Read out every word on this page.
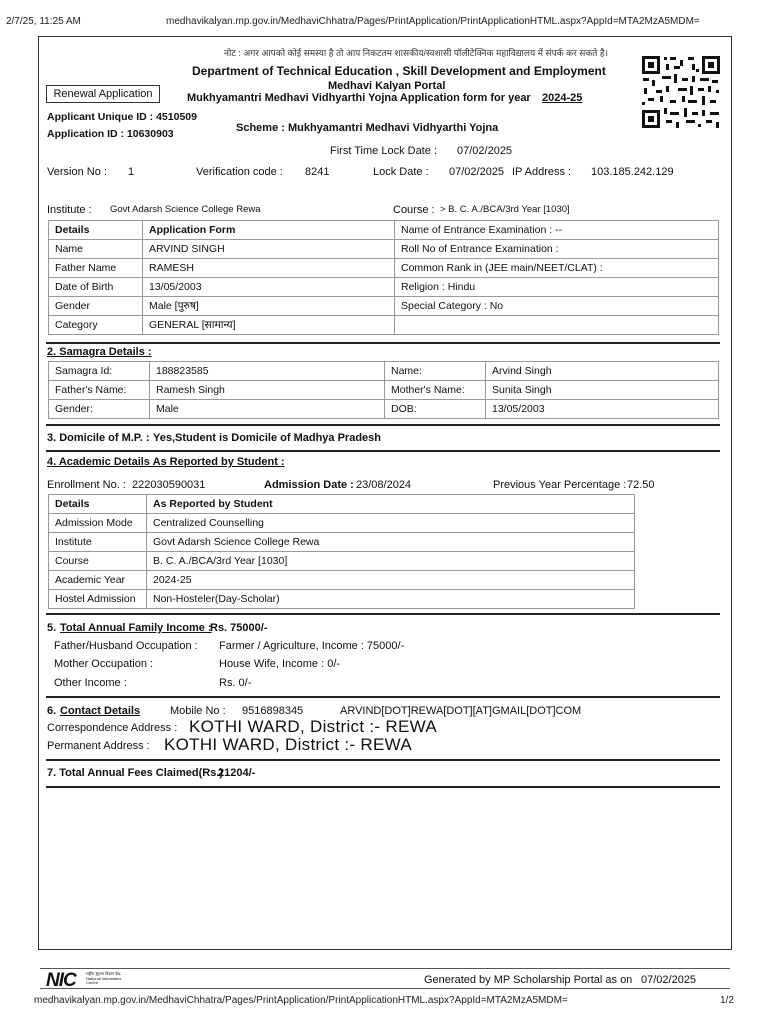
2/7/25, 11:25 AM	medhavikalyan.mp.gov.in/MedhaviChhatra/Pages/PrintApplication/PrintApplicationHTML.aspx?AppId=MTA2MzA5MDM=
नोट : अगर आपको कोई समस्या है तो आप निकटतम शासकीय/स्वशासी पॉलीटेक्निक महाविद्यालय में संपर्क कर सकते है।
Department of Technical Education , Skill Development and Employment
Medhavi Kalyan Portal
Renewal Application	Mukhyamantri Medhavi Vidhyarthi Yojna Application form for year 2024-25
Applicant Unique ID : 4510509
Application ID : 10630903	Scheme : Mukhyamantri Medhavi Vidhyarthi Yojna
First Time Lock Date : 07/02/2025
Version No : 1	Verification code : 8241	Lock Date : 07/02/2025 IP Address : 103.185.242.129
Institute : Govt Adarsh Science College Rewa	Course : > B. C. A./BCA/3rd Year [1030]
Details	Application Form	Name of Entrance Examination : --
Name	ARVIND SINGH	Roll No of Entrance Examination :
Father Name	RAMESH	Common Rank in (JEE main/NEET/CLAT) :
Date of Birth	13/05/2003	Religion : Hindu
Gender	Male [पुरुष]	Special Category : No
Category	GENERAL [सामान्य]	
2. Samagra Details :
Samagra Id:	188823585	Name:	Arvind Singh
Father's Name:	Ramesh Singh	Mother's Name:	Sunita Singh
Gender:	Male	DOB:	13/05/2003
3. Domicile of M.P. : Yes,Student is Domicile of Madhya Pradesh
4. Academic Details As Reported by Student :
Enrollment No. : 222030590031	Admission Date : 23/08/2024	Previous Year Percentage : 72.50
Details	As Reported by Student
Admission Mode	Centralized Counselling
Institute	Govt Adarsh Science College Rewa
Course	B. C. A./BCA/3rd Year [1030]
Academic Year	2024-25
Hostel Admission	Non-Hosteler(Day-Scholar)
5. Total Annual Family Income :
Rs. 75000/-
Father/Husband Occupation : Farmer / Agriculture, Income : 75000/-
Mother Occupation :	House Wife, Income : 0/-
Other Income :	Rs. 0/-
6. Contact Details	Mobile No : 9516898345	ARVIND[DOT]REWA[DOT][AT]GMAIL[DOT]COM
Correspondence Address : KOTHI WARD, District :- REWA
Permanent Address : KOTHI WARD, District :- REWA
7. Total Annual Fees Claimed(Rs.)
21204/-
NIC	राष्ट्रीय सूचना विज्ञान केंद्र National Informatics Centre	Generated by MP Scholarship Portal as on 07/02/2025
medhavikalyan.mp.gov.in/MedhaviChhatra/Pages/PrintApplication/PrintApplicationHTML.aspx?AppId=MTA2MzA5MDM=	1/2
